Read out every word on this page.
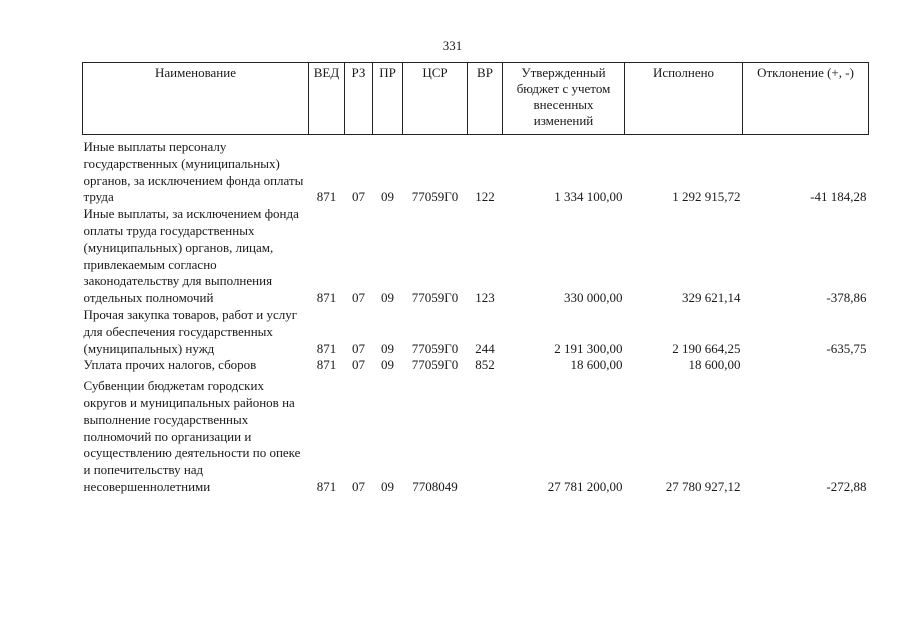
331
Наименование	ВЕД	РЗ	ПР	ЦСР	ВР	Утвержденный бюджет с учетом внесенных изменений	Исполнено	Отклонение (+, -)
Иные выплаты персоналу государственных (муниципальных) органов, за исключением фонда оплаты труда	871	07	09	77059Г0	122	1 334 100,00	1 292 915,72	-41 184,28
Иные выплаты, за исключением фонда оплаты труда государственных (муниципальных) органов, лицам, привлекаемым согласно законодательству для выполнения отдельных полномочий	871	07	09	77059Г0	123	330 000,00	329 621,14	-378,86
Прочая закупка товаров, работ и услуг для обеспечения государственных (муниципальных) нужд	871	07	09	77059Г0	244	2 191 300,00	2 190 664,25	-635,75
Уплата прочих налогов, сборов	871	07	09	77059Г0	852	18 600,00	18 600,00	
Субвенции бюджетам городских округов и муниципальных районов на выполнение государственных полномочий по организации и осуществлению деятельности по опеке и попечительству над несовершеннолетними	871	07	09	7708049		27 781 200,00	27 780 927,12	-272,88
